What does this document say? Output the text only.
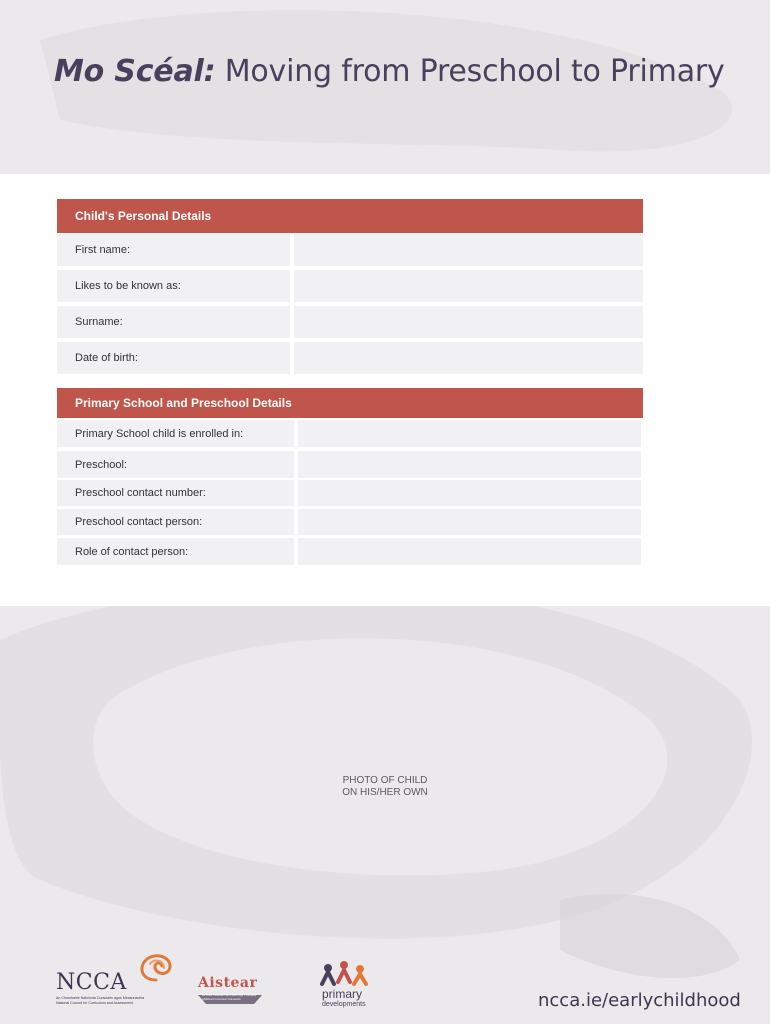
Mo Scéal: Moving from Preschool to Primary
Child's Personal Details
First name:
Likes to be known as:
Surname:
Date of birth:
Primary School and Preschool Details
Primary School child is enrolled in:
Preschool:
Preschool contact number:
Preschool contact person:
Role of contact person:
PHOTO OF CHILD
ON HIS/HER OWN
NCCA
An Chomhairle Náisiúnta Curaclaim agus Measúnachta
National Council for Curriculum and Assessment
Aistear
An Creat Curaclaim don Luath-Óige / The Early Childhood Curriculum Framework	primary
developments	ncca.ie/earlychildhood
